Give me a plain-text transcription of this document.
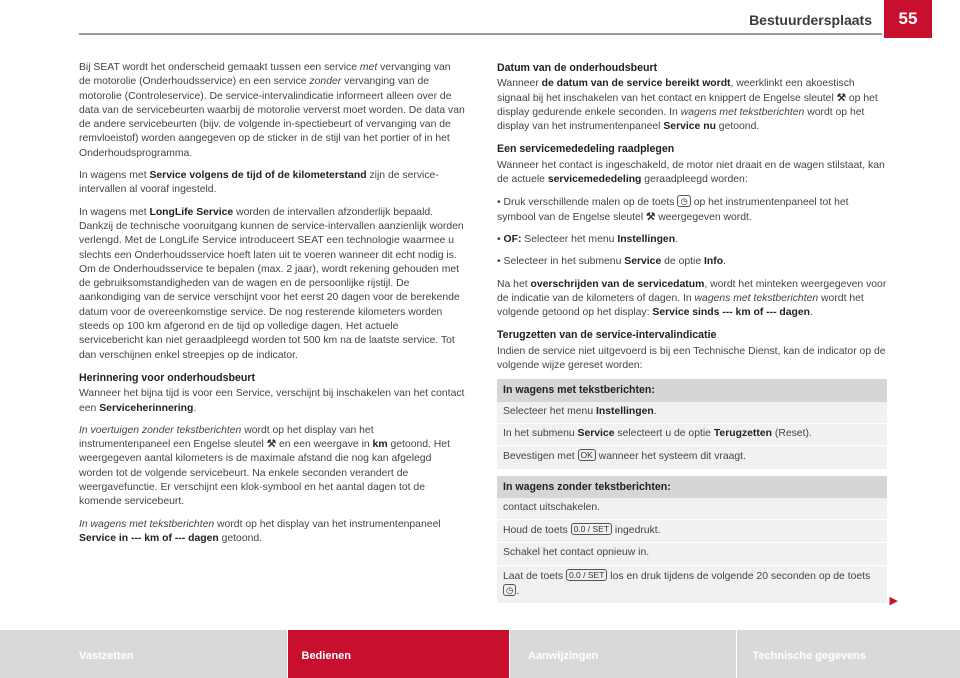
Bestuurdersplaats	55

Bij SEAT wordt het onderscheid gemaakt tussen een service met vervanging van de motorolie (Onderhoudsservice) en een service zonder vervanging van de motorolie (Controleservice). De service-intervalindicatie informeert alleen over de data van de servicebeurten waarbij de motorolie ververst moet worden. De data van de andere servicebeurten (bijv. de volgende in-spectiebeurt of vervanging van de remvloeistof) worden aangegeven op de sticker in de stijl van het portier of in het Onderhoudsprogramma.

In wagens met Service volgens de tijd of de kilometerstand zijn de service-intervallen al vooraf ingesteld.

In wagens met LongLife Service worden de intervallen afzonderlijk bepaald. Dankzij de technische vooruitgang kunnen de service-intervallen aanzienlijk worden verlengd. Met de LongLife Service introduceert SEAT een technologie waarmee u slechts een Onderhoudsservice hoeft laten uit te voeren wanneer dit echt nodig is. Om de Onderhoudsservice te bepalen (max. 2 jaar), wordt rekening gehouden met de gebruiksomstandigheden van de wagen en de persoonlijke rijstijl. De aankondiging van de service verschijnt voor het eerst 20 dagen voor de berekende datum voor de overeenkomstige service. De nog resterende kilometers worden steeds op 100 km afgerond en de tijd op volledige dagen. Het actuele servicebericht kan niet geraadpleegd worden tot 500 km na de laatste service. Tot dan verschijnen enkel streepjes op de indicator.

Herinnering voor onderhoudsbeurt

Wanneer het bijna tijd is voor een Service, verschijnt bij inschakelen van het contact een Serviceherinnering.

In voertuigen zonder tekstberichten wordt op het display van het instrumentenpaneel een Engelse sleutel ⚒ en een weergave in km getoond. Het weergegeven aantal kilometers is de maximale afstand die nog kan afgelegd worden tot de volgende servicebeurt. Na enkele seconden verandert de weergavefunctie. Er verschijnt een klok-symbool en het aantal dagen tot de komende servicebeurt.

In wagens met tekstberichten wordt op het display van het instrumentenpaneel Service in --- km of --- dagen getoond.

Datum van de onderhoudsbeurt

Wanneer de datum van de service bereikt wordt, weerklinkt een akoestisch signaal bij het inschakelen van het contact en knippert de Engelse sleutel ⚒ op het display gedurende enkele seconden. In wagens met tekstberichten wordt op het display van het instrumentenpaneel Service nu getoond.

Een servicemededeling raadplegen

Wanneer het contact is ingeschakeld, de motor niet draait en de wagen stilstaat, kan de actuele servicemededeling geraadpleegd worden:

• Druk verschillende malen op de toets ◷ op het instrumentenpaneel tot het symbool van de Engelse sleutel ⚒ weergegeven wordt.

• OF: Selecteer het menu Instellingen.

• Selecteer in het submenu Service de optie Info.

Na het overschrijden van de servicedatum, wordt het minteken weergegeven voor de indicatie van de kilometers of dagen. In wagens met tekstberichten wordt het volgende getoond op het display: Service sinds --- km of --- dagen.

Terugzetten van de service-intervalindicatie

Indien de service niet uitgevoerd is bij een Technische Dienst, kan de indicator op de volgende wijze gereset worden:

In wagens met tekstberichten:
Selecteer het menu Instellingen.
In het submenu Service selecteert u de optie Terugzetten (Reset).
Bevestigen met OK wanneer het systeem dit vraagt.
In wagens zonder tekstberichten:
contact uitschakelen.
Houd de toets 0.0 / SET ingedrukt.
Schakel het contact opnieuw in.
Laat de toets 0.0 / SET los en druk tijdens de volgende 20 seconden op de toets ◷ .
▶
Vastzetten	Bedienen	Aanwijzingen	Technische gegevens
